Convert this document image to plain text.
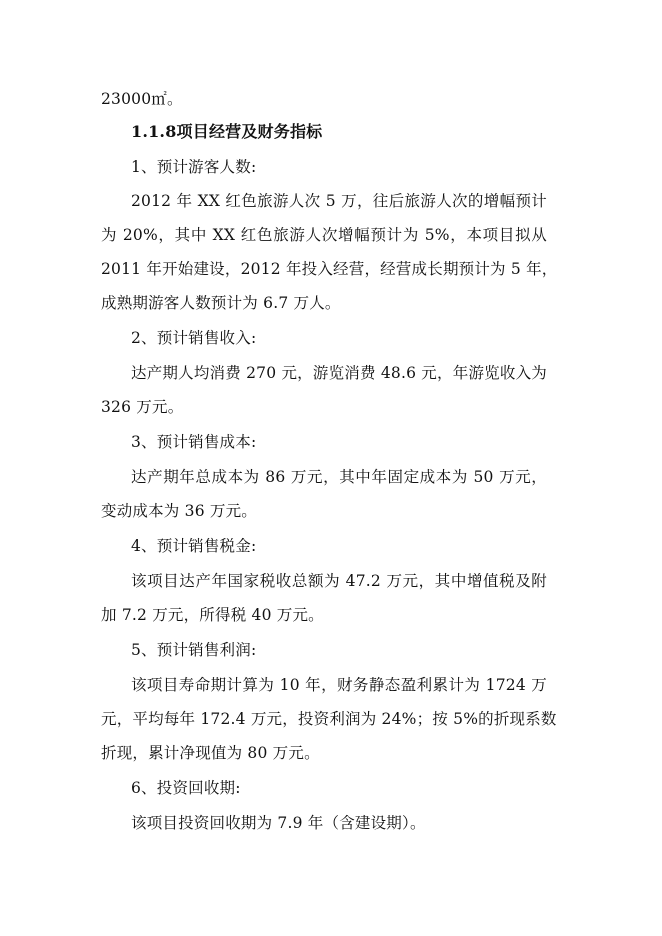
23000㎡。
1.1.8项目经营及财务指标
1、预计游客人数:
2012 年 XX 红色旅游人次 5 万，往后旅游人次的增幅预计
为 20%，其中 XX 红色旅游人次增幅预计为 5%，本项目拟从
2011 年开始建设，2012 年投入经营，经营成长期预计为 5 年，
成熟期游客人数预计为 6.7 万人。
2、预计销售收入:
达产期人均消费 270 元，游览消费 48.6 元，年游览收入为
326 万元。
3、预计销售成本:
达产期年总成本为 86 万元，其中年固定成本为 50 万元，
变动成本为 36 万元。
4、预计销售税金:
该项目达产年国家税收总额为 47.2 万元，其中增值税及附
加 7.2 万元，所得税 40 万元。
5、预计销售利润:
该项目寿命期计算为 10 年，财务静态盈利累计为 1724 万
元，平均每年 172.4 万元，投资利润为 24%；按 5%的折现系数
折现，累计净现值为 80 万元。
6、投资回收期:
该项目投资回收期为 7.9 年（含建设期）。
